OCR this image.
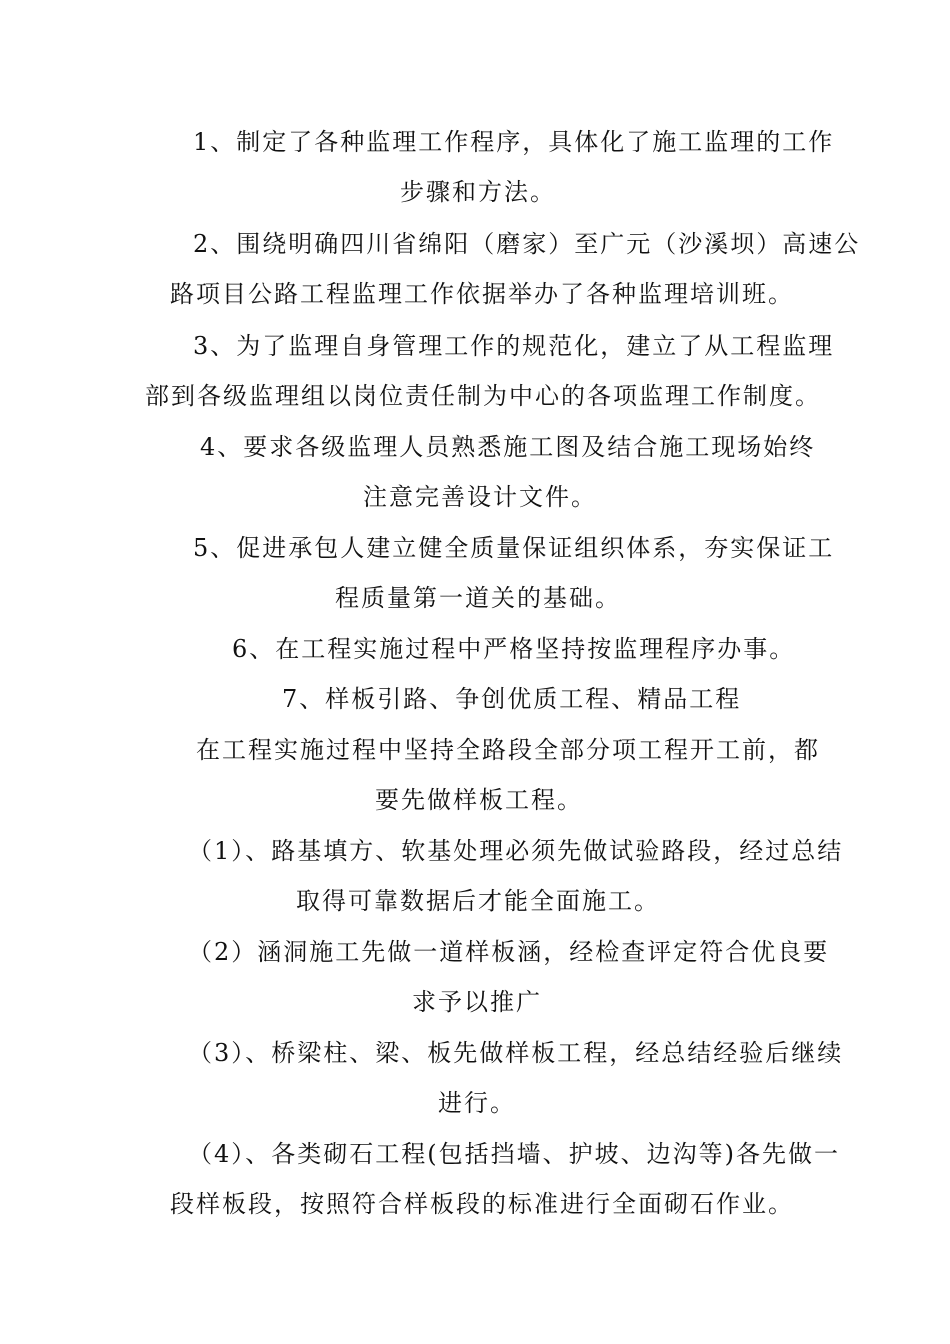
1、制定了各种监理工作程序，具体化了施工监理的工作

步骤和方法。

2、围绕明确四川省绵阳（磨家）至广元（沙溪坝）高速公

路项目公路工程监理工作依据举办了各种监理培训班。

3、为了监理自身管理工作的规范化，建立了从工程监理

部到各级监理组以岗位责任制为中心的各项监理工作制度。

4、要求各级监理人员熟悉施工图及结合施工现场始终

注意完善设计文件。

5、促进承包人建立健全质量保证组织体系，夯实保证工

程质量第一道关的基础。

6、在工程实施过程中严格坚持按监理程序办事。

7、样板引路、争创优质工程、精品工程

在工程实施过程中坚持全路段全部分项工程开工前，都

要先做样板工程。

（1）、路基填方、软基处理必须先做试验路段，经过总结

取得可靠数据后才能全面施工。

（2）涵洞施工先做一道样板涵，经检查评定符合优良要

求予以推广

（3）、桥梁柱、梁、板先做样板工程，经总结经验后继续

进行。

（4）、各类砌石工程(包括挡墙、护坡、边沟等)各先做一

段样板段，按照符合样板段的标准进行全面砌石作业。
